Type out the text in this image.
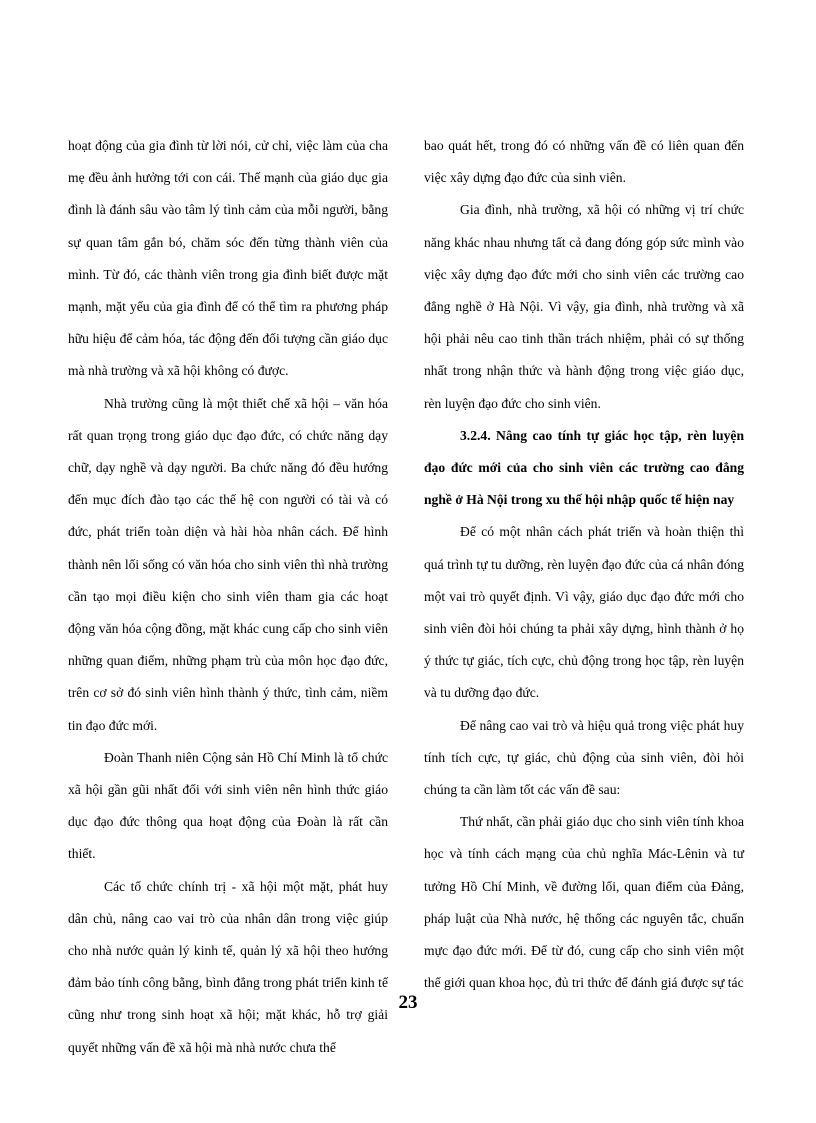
hoạt động của gia đình từ lời nói, cử chỉ, việc làm của cha mẹ đều ảnh hưởng tới con cái. Thế mạnh của giáo dục gia đình là đánh sâu vào tâm lý tình cảm của mỗi người, bằng sự quan tâm gắn bó, chăm sóc đến từng thành viên của mình. Từ đó, các thành viên trong gia đình biết được mặt mạnh, mặt yếu của gia đình để có thể tìm ra phương pháp hữu hiệu để cảm hóa, tác động đến đối tượng cần giáo dục mà nhà trường và xã hội không có được.

Nhà trường cũng là một thiết chế xã hội – văn hóa rất quan trọng trong giáo dục đạo đức, có chức năng dạy chữ, dạy nghề và dạy người. Ba chức năng đó đều hướng đến mục đích đào tạo các thế hệ con người có tài và có đức, phát triển toàn diện và hài hòa nhân cách. Để hình thành nên lối sống có văn hóa cho sinh viên thì nhà trường cần tạo mọi điều kiện cho sinh viên tham gia các hoạt động văn hóa cộng đồng, mặt khác cung cấp cho sinh viên những quan điểm, những phạm trù của môn học đạo đức, trên cơ sở đó sinh viên hình thành ý thức, tình cảm, niềm tin đạo đức mới.

Đoàn Thanh niên Cộng sản Hồ Chí Minh là tổ chức xã hội gần gũi nhất đối với sinh viên nên hình thức giáo dục đạo đức thông qua hoạt động của Đoàn là rất cần thiết.

Các tổ chức chính trị - xã hội một mặt, phát huy dân chủ, nâng cao vai trò của nhân dân trong việc giúp cho nhà nước quản lý kinh tế, quản lý xã hội theo hướng đảm bảo tính công bằng, bình đẳng trong phát triển kinh tế cũng như trong sinh hoạt xã hội; mặt khác, hỗ trợ giải quyết những vấn đề xã hội mà nhà nước chưa thể

bao quát hết, trong đó có những vấn đề có liên quan đến việc xây dựng đạo đức của sinh viên.

Gia đình, nhà trường, xã hội có những vị trí chức năng khác nhau nhưng tất cả đang đóng góp sức mình vào việc xây dựng đạo đức mới cho sinh viên các trường cao đẳng nghề ở Hà Nội. Vì vậy, gia đình, nhà trường và xã hội phải nêu cao tinh thần trách nhiệm, phải có sự thống nhất trong nhận thức và hành động trong việc giáo dục, rèn luyện đạo đức cho sinh viên.

3.2.4. Nâng cao tính tự giác học tập, rèn luyện đạo đức mới của cho sinh viên các trường cao đẳng nghề ở Hà Nội trong xu thế hội nhập quốc tế hiện nay

Để có một nhân cách phát triển và hoàn thiện thì quá trình tự tu dưỡng, rèn luyện đạo đức của cá nhân đóng một vai trò quyết định. Vì vậy, giáo dục đạo đức mới cho sinh viên đòi hỏi chúng ta phải xây dựng, hình thành ở họ ý thức tự giác, tích cực, chủ động trong học tập, rèn luyện và tu dưỡng đạo đức.

Để nâng cao vai trò và hiệu quả trong việc phát huy tính tích cực, tự giác, chủ động của sinh viên, đòi hỏi chúng ta cần làm tốt các vấn đề sau:

Thứ nhất, cần phải giáo dục cho sinh viên tính khoa học và tính cách mạng của chủ nghĩa Mác-Lênin và tư tưởng Hồ Chí Minh, về đường lối, quan điểm của Đảng, pháp luật của Nhà nước, hệ thống các nguyên tắc, chuẩn mực đạo đức mới. Để từ đó, cung cấp cho sinh viên một thế giới quan khoa học, đủ tri thức để đánh giá được sự tác

23
